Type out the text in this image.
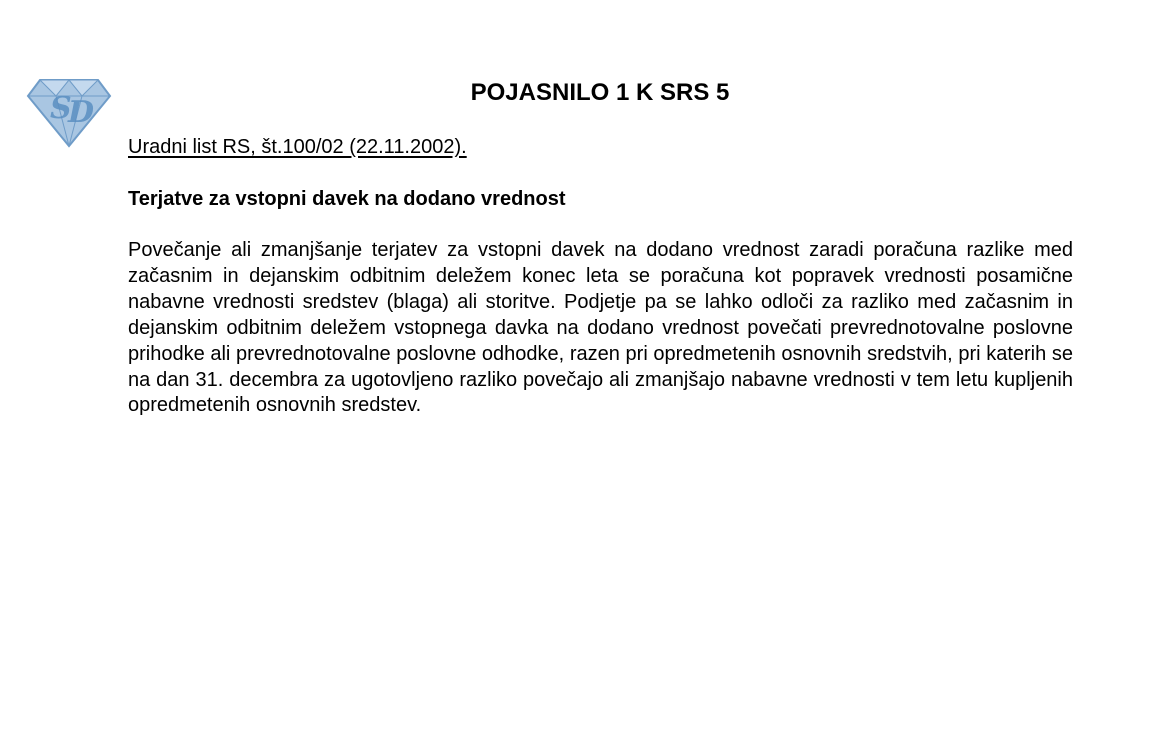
S
D
POJASNILO 1 K SRS 5

Uradni list RS, št.100/02 (22.11.2002).

Terjatve za vstopni davek na dodano vrednost

Povečanje ali zmanjšanje terjatev za vstopni davek na dodano vrednost zaradi poračuna razlike med začasnim in dejanskim odbitnim deležem konec leta se poračuna kot popravek vrednosti posamične nabavne vrednosti sredstev (blaga) ali storitve. Podjetje pa se lahko odloči za razliko med začasnim in dejanskim odbitnim deležem vstopnega davka na dodano vrednost povečati prevrednotovalne poslovne prihodke ali prevrednotovalne poslovne odhodke, razen pri opredmetenih osnovnih sredstvih, pri katerih se na dan 31. decembra za ugotovljeno razliko povečajo ali zmanjšajo nabavne vrednosti v tem letu kupljenih opredmetenih osnovnih sredstev.
